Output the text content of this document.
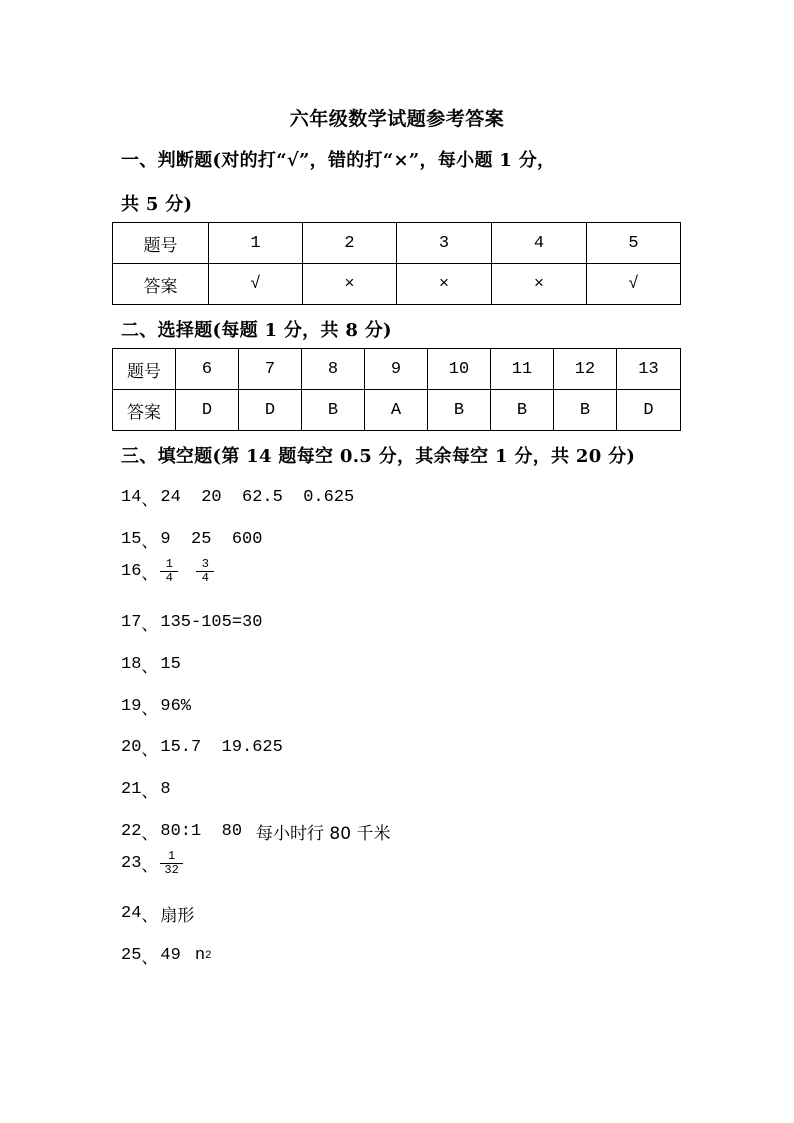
六年级数学试题参考答案
一、判断题(对的打“√”，错的打“×”，每小题 1 分，
共 5 分)
题号	1	2	3	4	5
答案	√	×	×	×	√
二、选择题(每题 1 分，共 8 分)
题号	6	7	8	9	10	11	12	13
答案	D	D	B	A	B	B	B	D
三、填空题(第 14 题每空 0.5 分，其余每空 1 分，共 20 分)
14 、 24  20  62.5  0.625
15 、 9  25  600
16 、 $\frac{1}{4} \frac{3}{4}$
17 、 135-105=30
18 、 15
19 、 96%
20 、 15.7  19.625
21 、 8
22 、 80:1  80 每小时行 80 千米
23 、 $\frac{1}{32}$
24 、 扇形
25 、 49 n 2
